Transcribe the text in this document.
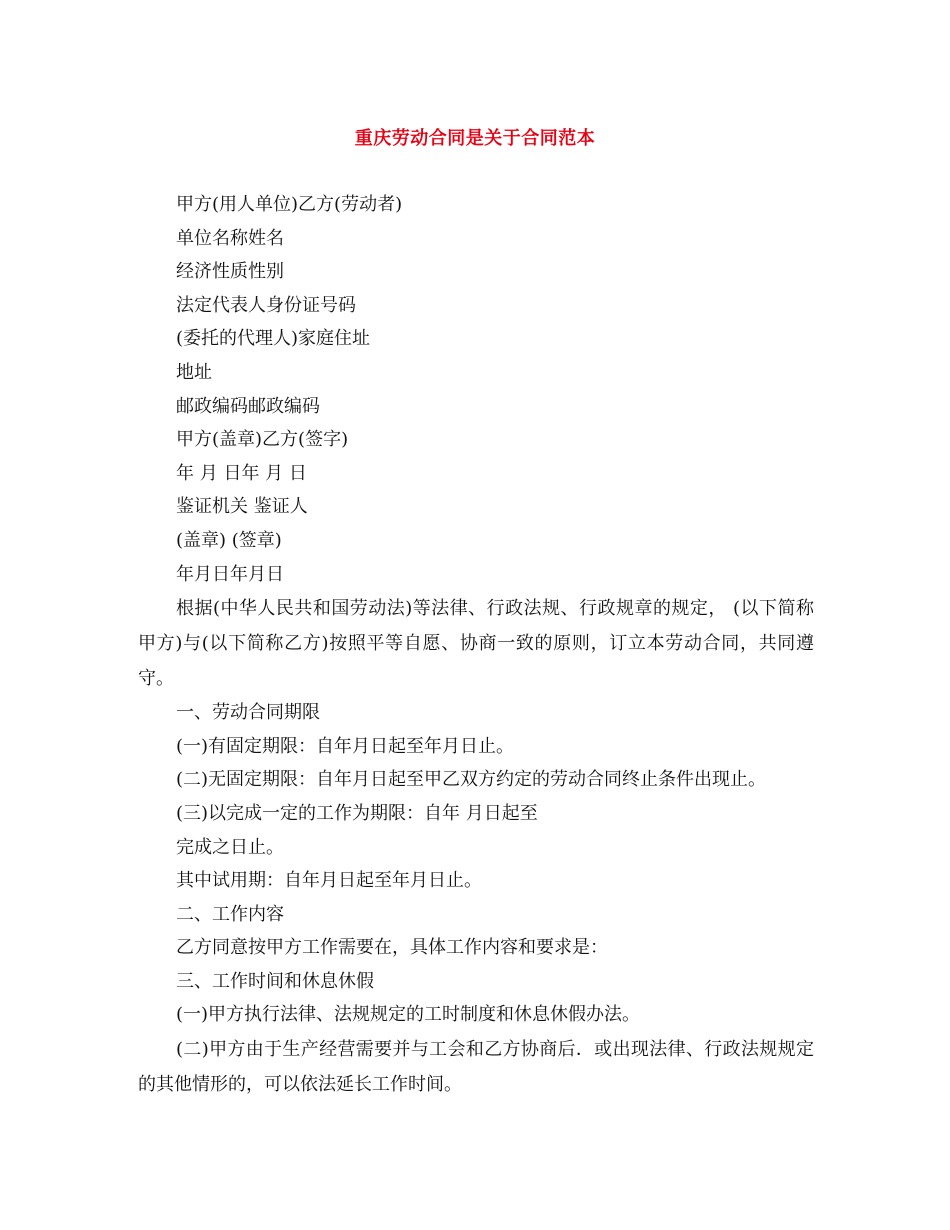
重庆劳动合同是关于合同范本
甲方(用人单位)乙方(劳动者)
单位名称姓名
经济性质性别
法定代表人身份证号码
(委托的代理人)家庭住址
地址
邮政编码邮政编码
甲方(盖章)乙方(签字)
年 月 日年 月 日
鉴证机关 鉴证人
(盖章) (签章)
年月日年月日

根据(中华人民共和国劳动法)等法律、行政法规、行政规章的规定， (以下简称甲方)与(以下简称乙方)按照平等自愿、协商一致的原则，订立本劳动合同，共同遵守。

一、劳动合同期限
(一)有固定期限：自年月日起至年月日止。
(二)无固定期限：自年月日起至甲乙双方约定的劳动合同终止条件出现止。
(三)以完成一定的工作为期限：自年 月日起至
完成之日止。
其中试用期：自年月日起至年月日止。
二、工作内容
乙方同意按甲方工作需要在，具体工作内容和要求是：
三、工作时间和休息休假
(一)甲方执行法律、法规规定的工时制度和休息休假办法。

(二)甲方由于生产经营需要并与工会和乙方协商后．或出现法律、行政法规规定的其他情形的，可以依法延长工作时间。
